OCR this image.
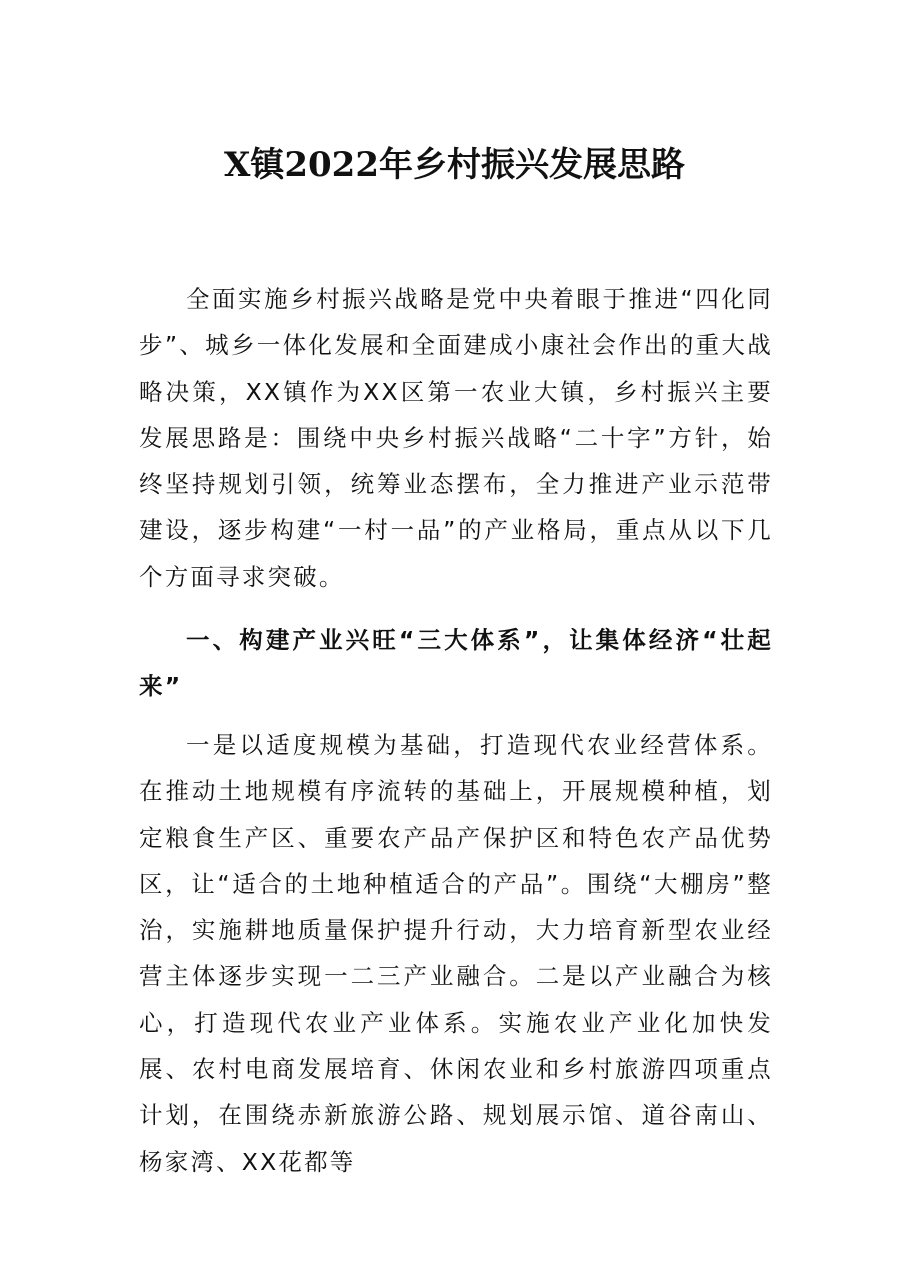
X镇2022年乡村振兴发展思路

全面实施乡村振兴战略是党中央着眼于推进“四化同步”、城乡一体化发展和全面建成小康社会作出的重大战略决策，XX镇作为XX区第一农业大镇，乡村振兴主要发展思路是：围绕中央乡村振兴战略“二十字”方针，始终坚持规划引领，统筹业态摆布，全力推进产业示范带建设，逐步构建“一村一品”的产业格局，重点从以下几个方面寻求突破。

一、构建产业兴旺“三大体系”，让集体经济“壮起来”

一是以适度规模为基础，打造现代农业经营体系。在推动土地规模有序流转的基础上，开展规模种植，划定粮食生产区、重要农产品产保护区和特色农产品优势区，让“适合的土地种植适合的产品”。围绕“大棚房”整治，实施耕地质量保护提升行动，大力培育新型农业经营主体逐步实现一二三产业融合。二是以产业融合为核心，打造现代农业产业体系。实施农业产业化加快发展、农村电商发展培育、休闲农业和乡村旅游四项重点计划，在围绕赤新旅游公路、规划展示馆、道谷南山、杨家湾、XX花都等
